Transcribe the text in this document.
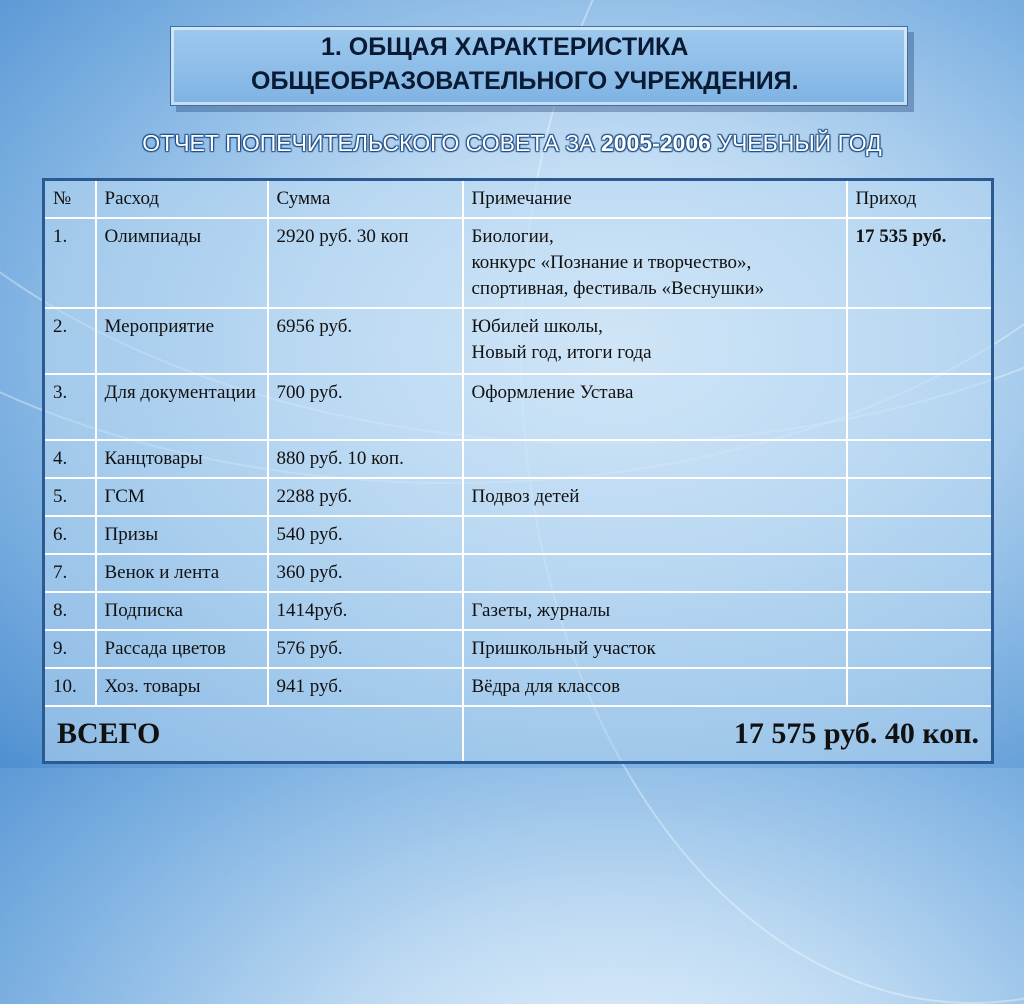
1. ОБЩАЯ ХАРАКТЕРИСТИКА
ОБЩЕОБРАЗОВАТЕЛЬНОГО УЧРЕЖДЕНИЯ.
ОТЧЕТ ПОПЕЧИТЕЛЬСКОГО СОВЕТА ЗА 2005-2006 УЧЕБНЫЙ ГОД
№	Расход	Сумма	Примечание	Приход
1.	Олимпиады	2920 руб. 30 коп	Биологии,
конкурс «Познание и творчество»,
спортивная, фестиваль «Веснушки»	17 535 руб.
2.	Мероприятие	6956 руб.	Юбилей школы,
Новый год, итоги года	

3.	Для документации	700 руб.	Оформление Устава	

4.	Канцтовары	880 руб. 10 коп.	

5.	ГСМ	2288 руб.	Подвоз детей	

6.	Призы	540 руб.	

7.	Венок и лента	360 руб.	

8.	Подписка	1414руб.	Газеты, журналы	

9.	Рассада цветов	576 руб.	Пришкольный участок	

10.	Хоз. товары	941 руб.	Вёдра для классов	

ВСЕГО			17 575 руб. 40 коп.	
